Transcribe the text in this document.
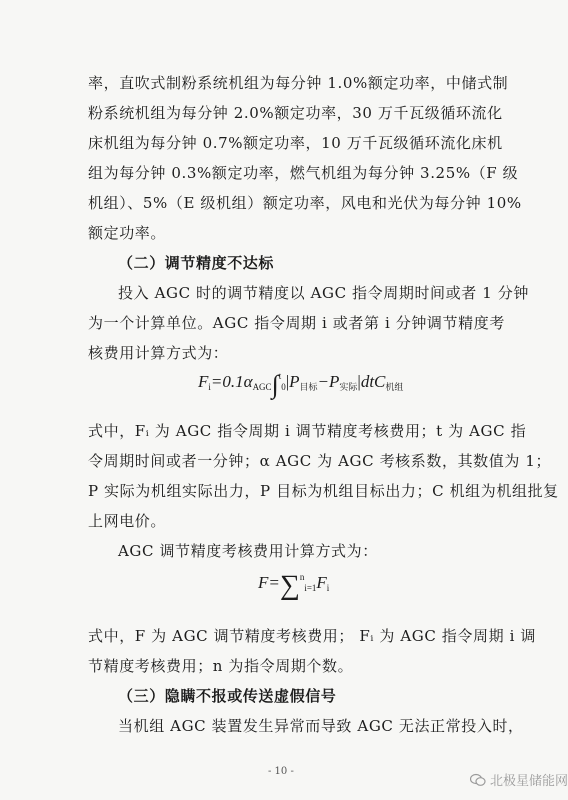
率，直吹式制粉系统机组为每分钟 1.0%额定功率，中储式制
粉系统机组为每分钟 2.0%额定功率，30 万千瓦级循环流化
床机组为每分钟 0.7%额定功率，10 万千瓦级循环流化床机
组为每分钟 0.3%额定功率，燃气机组为每分钟 3.25%（F 级
机组）、5%（E 级机组）额定功率，风电和光伏为每分钟 10%
额定功率。
（二）调节精度不达标
投入 AGC 时的调节精度以 AGC 指令周期时间或者 1 分钟
为一个计算单位。AGC 指令周期 i 或者第 i 分钟调节精度考
核费用计算方式为：
$F_i=0.1\alpha_{AGC}\int^t_0|P_{目标}-P_{实际}|dtC_{机组}$
式中，Fᵢ 为 AGC 指令周期 i 调节精度考核费用；t 为 AGC 指
令周期时间或者一分钟；α AGC 为 AGC 考核系数，其数值为 1；
P 实际为机组实际出力，P 目标为机组目标出力；C 机组为机组批复
上网电价。
AGC 调节精度考核费用计算方式为：
$F=\sum^n_{i=1}F_i$
式中，F 为 AGC 调节精度考核费用； Fᵢ 为 AGC 指令周期 i 调
节精度考核费用；n 为指令周期个数。
（三）隐瞒不报或传送虚假信号
当机组 AGC 装置发生异常而导致 AGC 无法正常投入时，
- 10 -
北极星储能网
